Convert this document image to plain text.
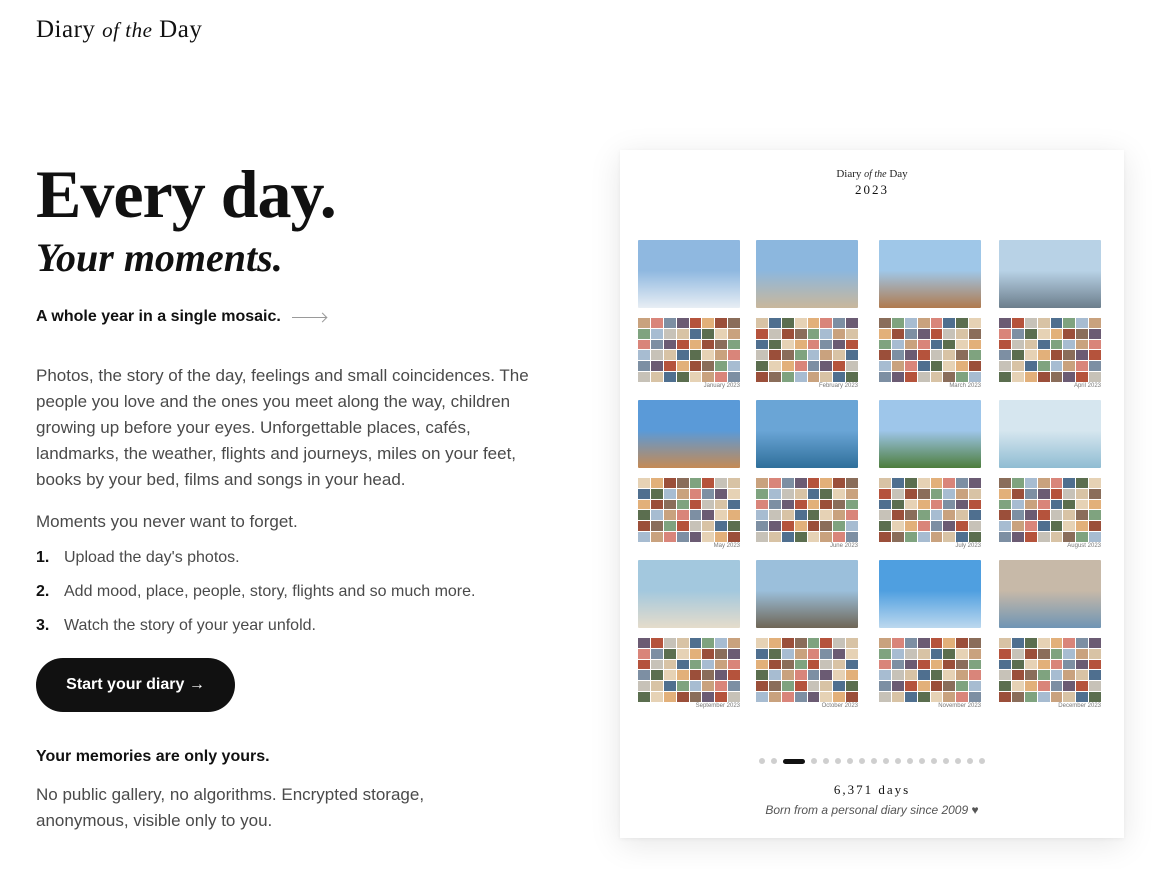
Diary of the Day
Every day.
Your moments.
A whole year in a single mosaic.

Photos, the story of the day, feelings and small coincidences. The people you love and the ones you meet along the way, children growing up before your eyes. Unforgettable places, cafés, landmarks, the weather, flights and journeys, miles on your feet, books by your bed, films and songs in your head.

Moments you never want to forget.

1. Upload the day's photos.
2. Add mood, place, people, story, flights and so much more.
3. Watch the story of your year unfold.
Start your diary →
Your memories are only yours.

No public gallery, no algorithms. Encrypted storage, anonymous, visible only to you.

Diary of the Day
2023
January 2023	February 2023	March 2023	April 2023
May 2023	June 2023	July 2023	August 2023
September 2023	October 2023	November 2023	December 2023
6,371 days
Born from a personal diary since 2009 ♥
